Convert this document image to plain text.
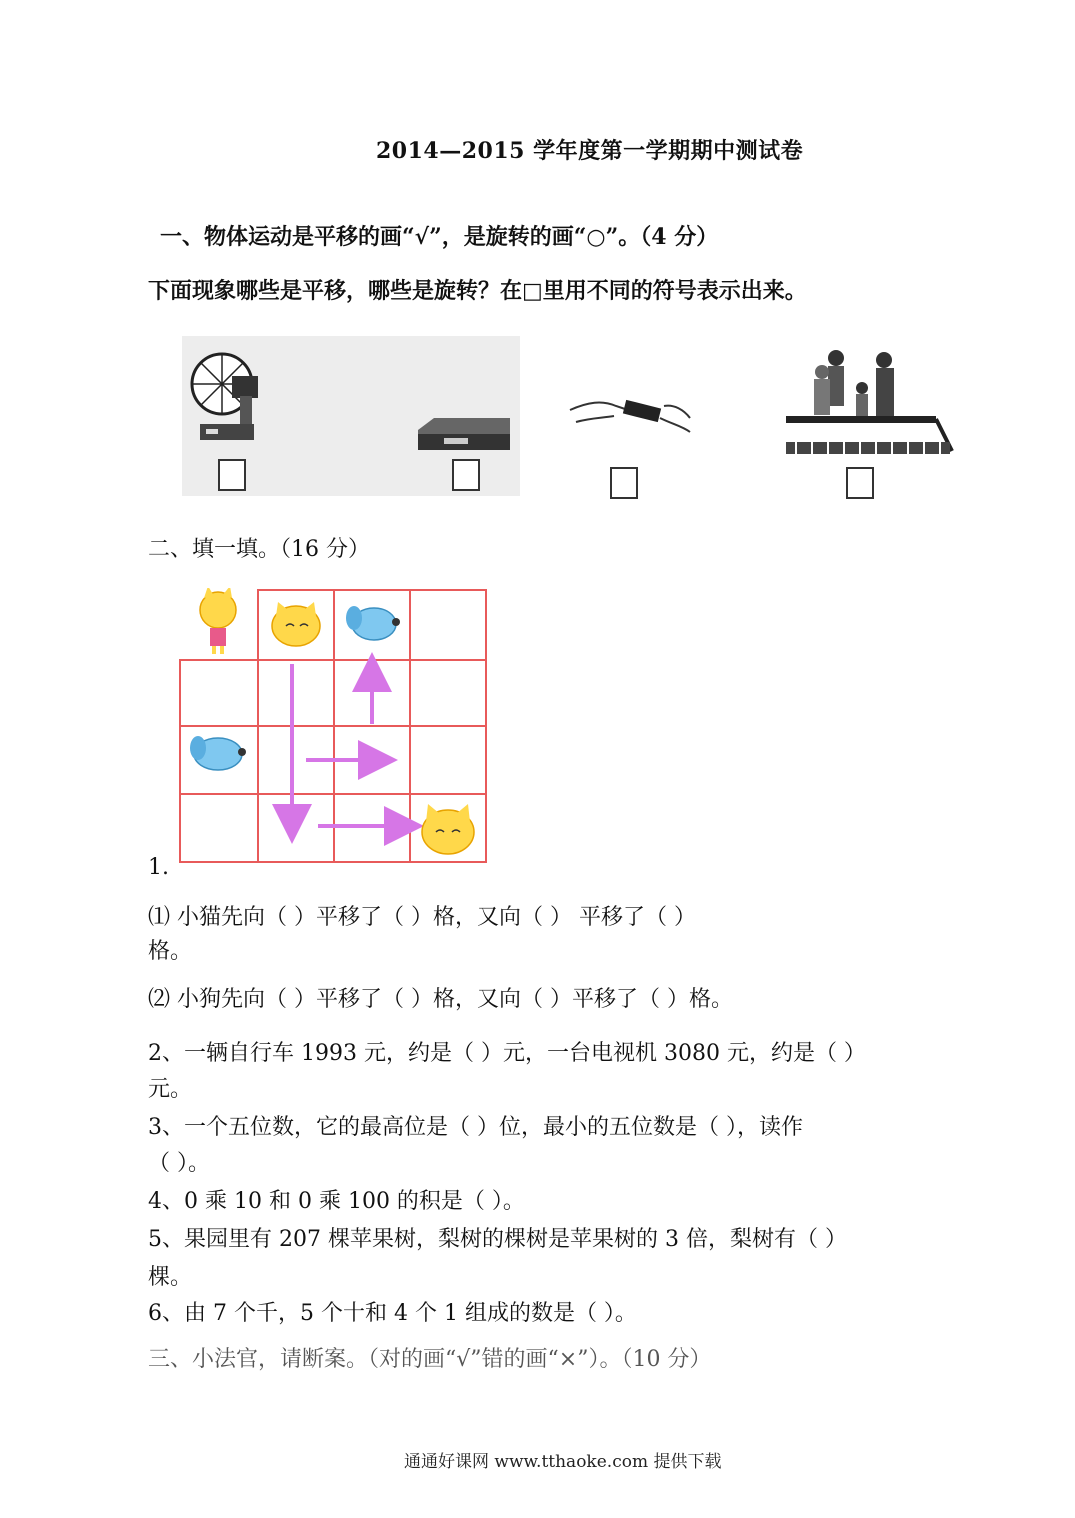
2014—2015 学年度第一学期期中测试卷
一、物体运动是平移的画“√”，是旋转的画“○”。（4 分）
下面现象哪些是平移，哪些是旋转？在□里用不同的符号表示出来。
二、填一填。（16 分）
1.
⑴ 小猫先向（ ）平移了（ ）格，又向（ ） 平移了（ ）
格。
⑵ 小狗先向（ ）平移了（ ）格，又向（ ）平移了（ ）格。
2、一辆自行车 1993 元，约是（ ）元，一台电视机 3080 元，约是（ ）
元。
3、一个五位数，它的最高位是（ ）位，最小的五位数是（ ），读作
（ ）。
4、0 乘 10 和 0 乘 100 的积是（ ）。
5、果园里有 207 棵苹果树，梨树的棵树是苹果树的 3 倍，梨树有（ ）
棵。
6、由 7 个千，5 个十和 4 个 1 组成的数是（ ）。
三、小法官，请断案。（对的画“√”错的画“×”）。（10 分）
通通好课网 www.tthaoke.com 提供下载
